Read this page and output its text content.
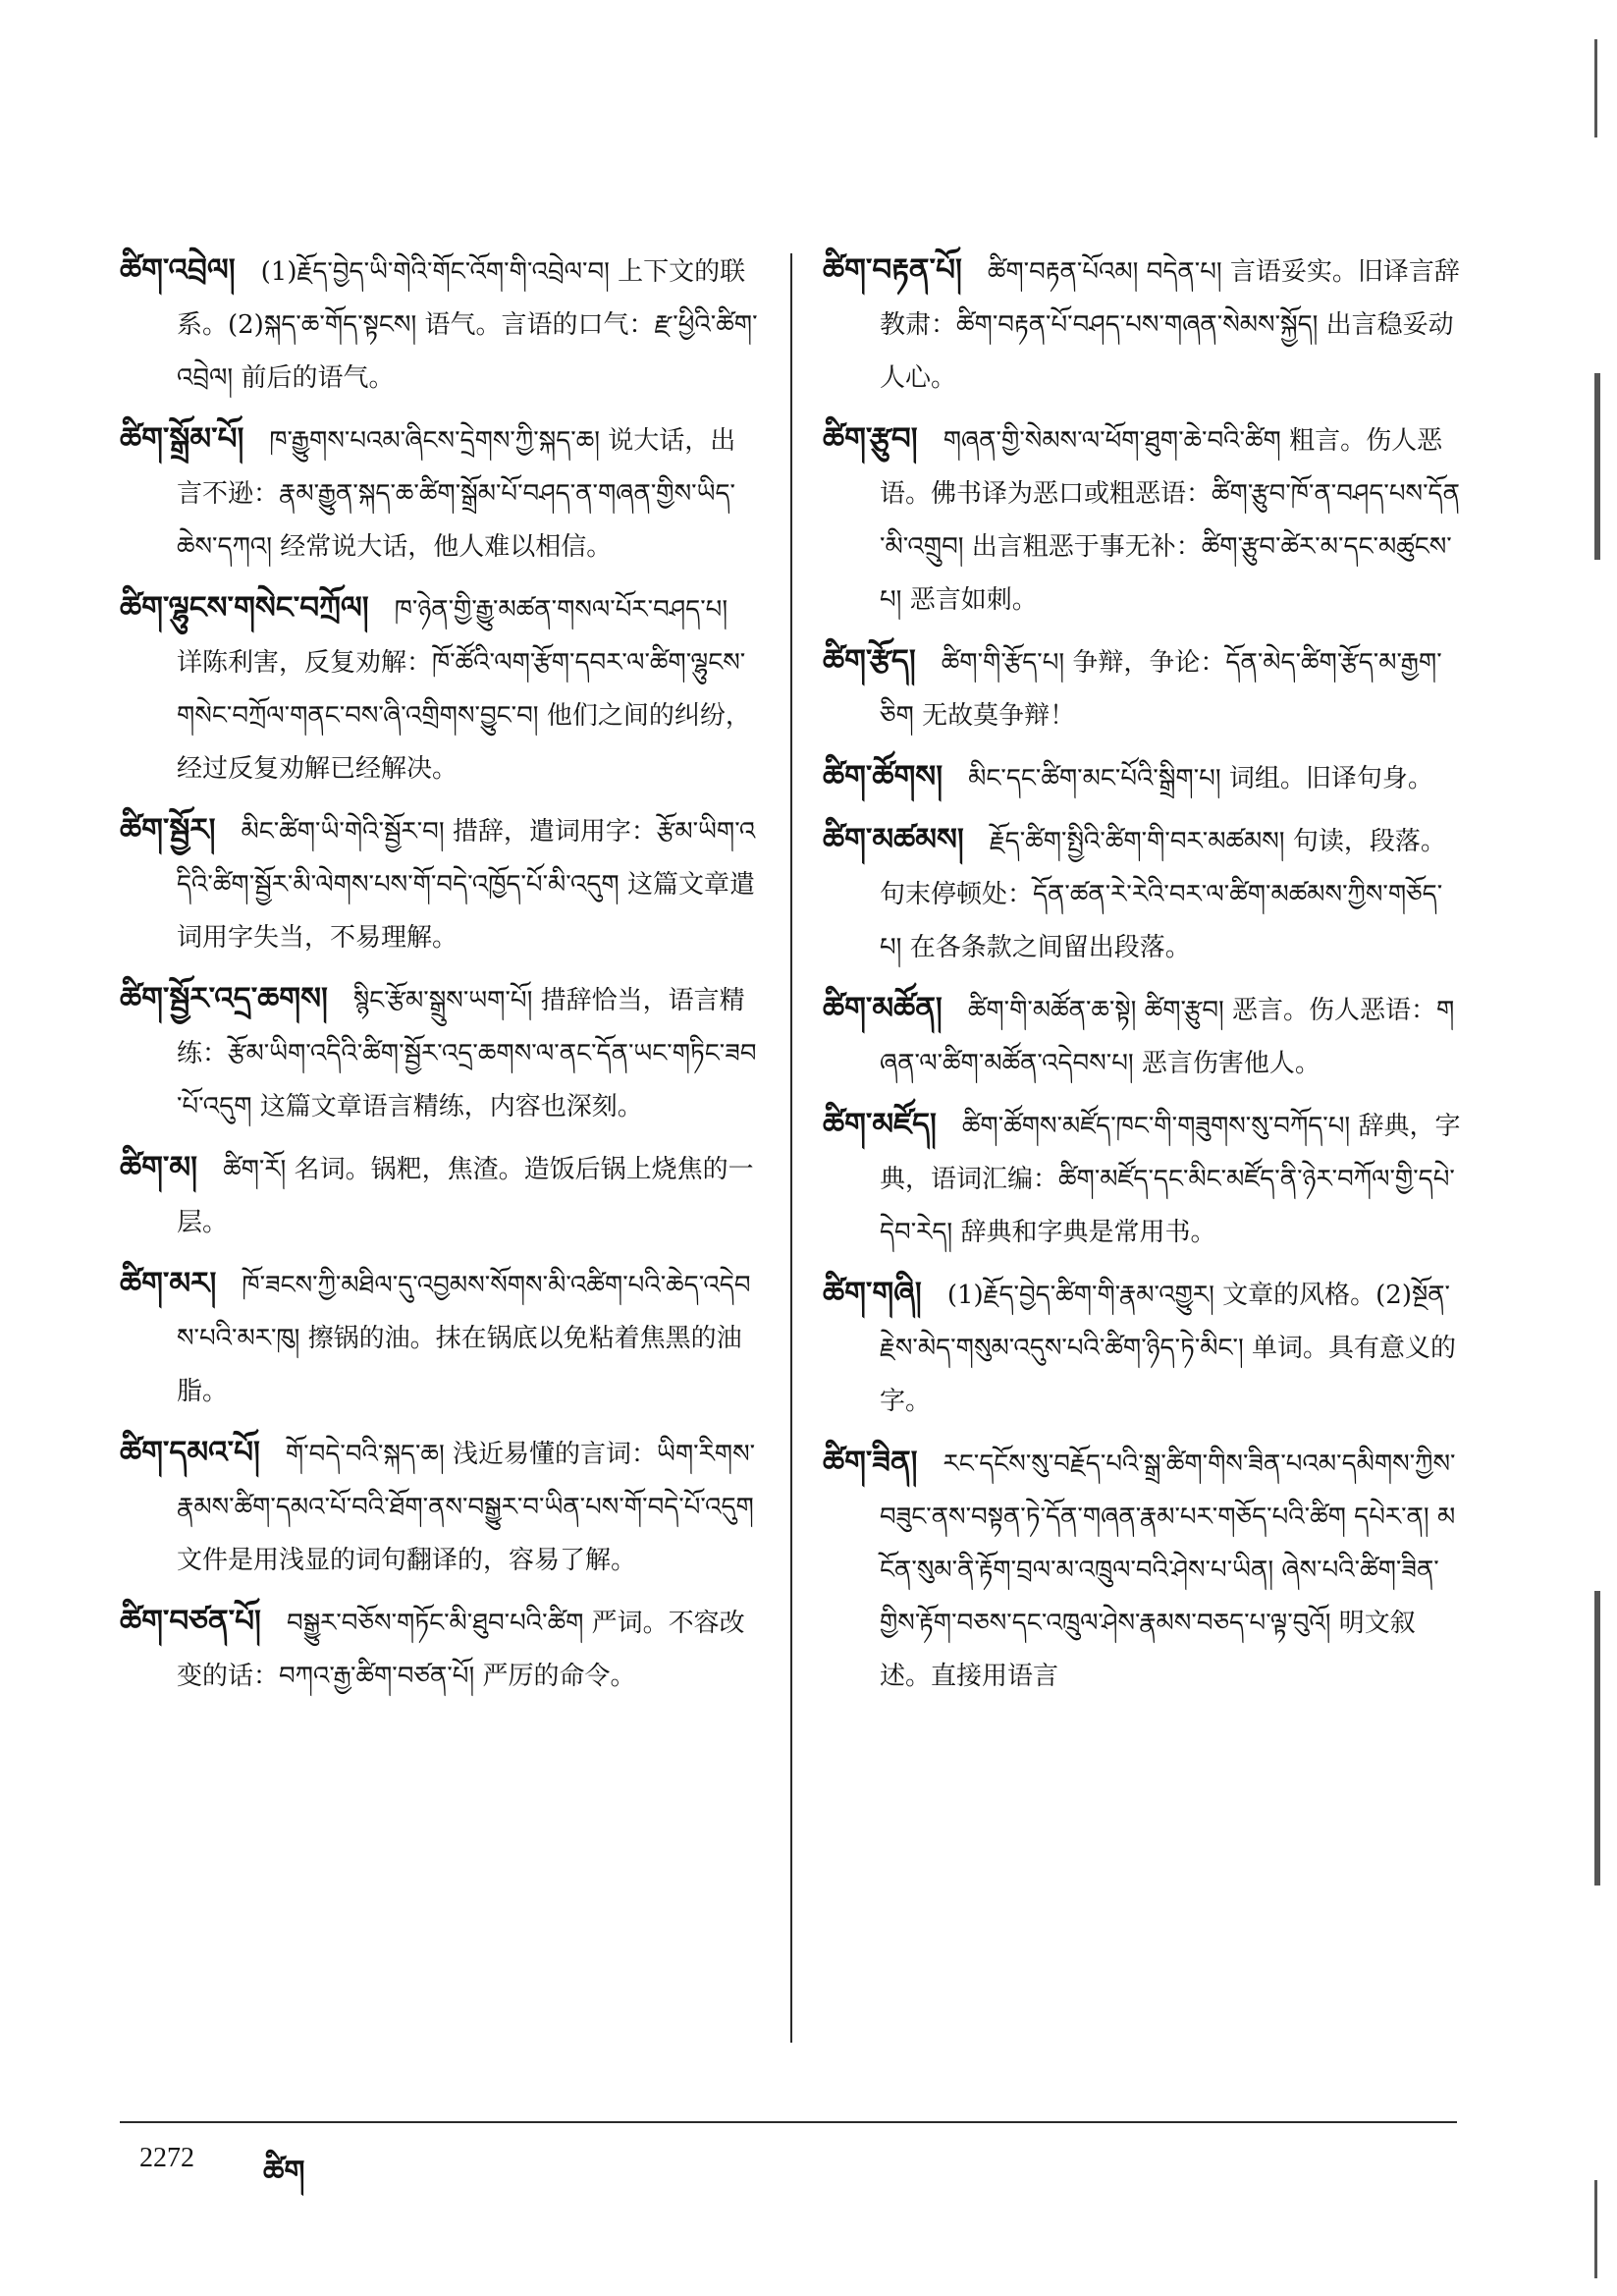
ཚིག་འབྲེལ། (1)རྗོད་བྱེད་ཡི་གེའི་གོང་འོག་གི་འབྲེལ་བ། 上下文的联系。(2)སྐད་ཆ་གོད་སྟངས། 语气。言语的口气：རྫ་ཕྱིའི་ཚིག་འབྲེལ། 前后的语气。
ཚིག་སྒྲོམ་པོ། ཁ་རྒྱུགས་པའམ་ཞིངས་དྲེགས་ཀྱི་སྐད་ཆ། 说大话，出言不逊：རྣམ་རྒྱུན་སྐད་ཆ་ཚིག་སྒྲོམ་པོ་བཤད་ན་གཞན་གྱིས་ཡིད་ཆེས་དཀའ། 经常说大话，他人难以相信。
ཚིག་ལྷུངས་གསེང་བཀྲོལ། ཁ་ཉེན་གྱི་རྒྱུ་མཚན་གསལ་པོར་བཤད་པ། 详陈利害，反复劝解：ཁོ་ཚོའི་ལག་རྩོག་དབར་ལ་ཚིག་ལྷུངས་གསེང་བཀྲོལ་གནང་བས་ཞི་འགྲིགས་བྱུང་བ། 他们之间的纠纷，经过反复劝解已经解决。
ཚིག་སྦྱོར། མིང་ཚིག་ཡི་གེའི་སྦྱོར་བ། 措辞，遣词用字：རྩོམ་ཡིག་འདིའི་ཚིག་སྦྱོར་མི་ལེགས་པས་གོ་བདེ་འཁྱོད་པོ་མི་འདུག 这篇文章遣词用字失当，不易理解。
ཚིག་སྦྱོར་འདྲ་ཆགས། སྙིང་རྩོམ་སྒྲུས་ཡག་པོ། 措辞恰当，语言精练：རྩོམ་ཡིག་འདིའི་ཚིག་སྦྱོར་འདྲ་ཆགས་ལ་ནང་དོན་ཡང་གཏིང་ཟབ་པོ་འདུག 这篇文章语言精练，内容也深刻。
ཚིག་མ། ཚིག་རོ། 名词。锅粑，焦渣。造饭后锅上烧焦的一层。
ཚིག་མར། ཁོ་ཟངས་ཀྱི་མཐིལ་དུ་འབྱམས་སོགས་མི་འཚིག་པའི་ཆེད་འདེབས་པའི་མར་ཁུ། 擦锅的油。抹在锅底以免粘着焦黑的油脂。
ཚིག་དམའ་པོ། གོ་བདེ་བའི་སྐད་ཆ། 浅近易懂的言词：ཡིག་རིགས་རྣམས་ཚིག་དམའ་པོ་བའི་ཐོག་ནས་བསྒྱུར་བ་ཡིན་པས་གོ་བདེ་པོ་འདུག 文件是用浅显的词句翻译的，容易了解。
ཚིག་བཙན་པོ། བསྒྱུར་བཅོས་གཏོང་མི་ཐུབ་པའི་ཚིག 严词。不容改变的话：བཀའ་རྒྱ་ཚིག་བཙན་པོ། 严厉的命令。
ཚིག་བརྟན་པོ། ཚིག་བརྟན་པོའམ། བདེན་པ། 言语妥实。旧译言辞教肃：ཚིག་བརྟན་པོ་བཤད་པས་གཞན་སེམས་སྐྱོད། 出言稳妥动人心。
ཚིག་རྩུབ། གཞན་གྱི་སེམས་ལ་ཕོག་ཐུག་ཆེ་བའི་ཚིག 粗言。伤人恶语。佛书译为恶口或粗恶语：ཚིག་རྩུབ་ཁོ་ན་བཤད་པས་དོན་མི་འགྲུབ། 出言粗恶于事无补：ཚིག་རྩུབ་ཚེར་མ་དང་མཚུངས་པ། 恶言如刺。
ཚིག་རྩོད། ཚིག་གི་རྩོད་པ། 争辩，争论：དོན་མེད་ཚིག་རྩོད་མ་རྒྱག་ཅིག 无故莫争辩！
ཚིག་ཚོགས། མིང་དང་ཚིག་མང་པོའི་སྒྲིག་པ། 词组。旧译句身。
ཚིག་མཚམས། རྗོད་ཚིག་སྤྱིའི་ཚིག་གི་བར་མཚམས། 句读，段落。句末停顿处：དོན་ཚན་རེ་རེའི་བར་ལ་ཚིག་མཚམས་ཀྱིས་གཅོད་པ། 在各条款之间留出段落。
ཚིག་མཚོན། ཚིག་གི་མཚོན་ཆ་སྟེ། ཚིག་རྩུབ། 恶言。伤人恶语：གཞན་ལ་ཚིག་མཚོན་འདེབས་པ། 恶言伤害他人。
ཚིག་མཛོད། ཚིག་ཚོགས་མཛོད་ཁང་གི་གཟུགས་སུ་བཀོད་པ། 辞典，字典，语词汇编：ཚིག་མཛོད་དང་མིང་མཛོད་ནི་ཉེར་བཀོལ་གྱི་དཔེ་དེབ་རེད། 辞典和字典是常用书。
ཚིག་གཞི། (1)རྗོད་བྱེད་ཚིག་གི་རྣམ་འགྱུར། 文章的风格。(2)སྔོན་རྗེས་མེད་གསུམ་འདུས་པའི་ཚིག་ཉིད་ཏེ་མིང་། 单词。具有意义的字。
ཚིག་ཟིན། རང་དངོས་སུ་བརྗོད་པའི་སྒྲ་ཚིག་གིས་ཟིན་པའམ་དམིགས་ཀྱིས་བཟུང་ནས་བསྟན་ཏེ་དོན་གཞན་རྣམ་པར་གཅོད་པའི་ཚིག དཔེར་ན། མངོན་སུམ་ནི་རྟོག་བྲལ་མ་འཁྲུལ་བའི་ཤེས་པ་ཡིན། ཞེས་པའི་ཚིག་ཟིན་གྱིས་རྟོག་བཅས་དང་འཁྲུལ་ཤེས་རྣམས་བཅད་པ་ལྟ་བུའོ། 明文叙述。直接用语言
2272 ཚིག
